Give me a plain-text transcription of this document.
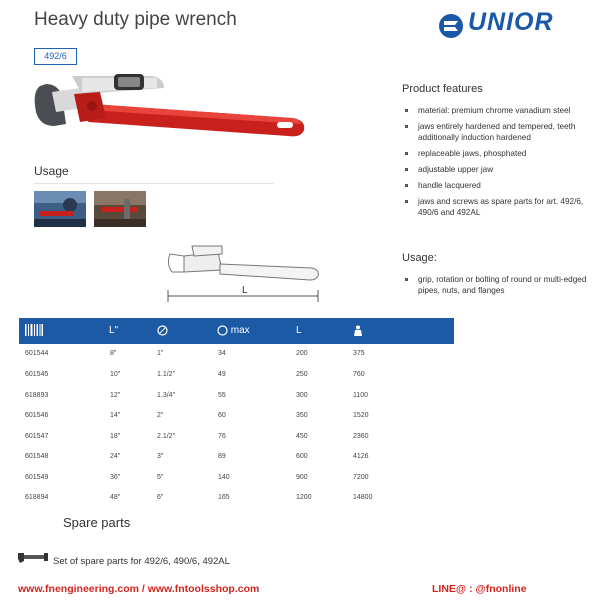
Heavy duty pipe wrench	UNIOR
492/6
Usage
L
Product features
material: premium chrome vanadium steel
jaws entirely hardened and tempered, teeth additionally induction hardened
replaceable jaws, phosphated
adjustable upper jaw
handle lacquered
jaws and screws as spare parts for art. 492/6, 490/6 and 492AL
Usage:
grip, rotation or bolting of round or multi-edged pipes, nuts, and flanges
L"	max	L
601544	8"	1"	34	200	375
601545	10"	1.1/2"	49	250	760
618893	12"	1.3/4"	55	300	1100
601546	14"	2"	60	350	1520
601547	18"	2.1/2"	76	450	2360
601548	24"	3"	89	600	4126
601549	36"	5"	140	900	7200
618894	48"	6"	165	1200	14800
Spare parts
Set of spare parts for 492/6, 490/6, 492AL
www.fnengineering.com / www.fntoolsshop.com	LINE@ : @fnonline
